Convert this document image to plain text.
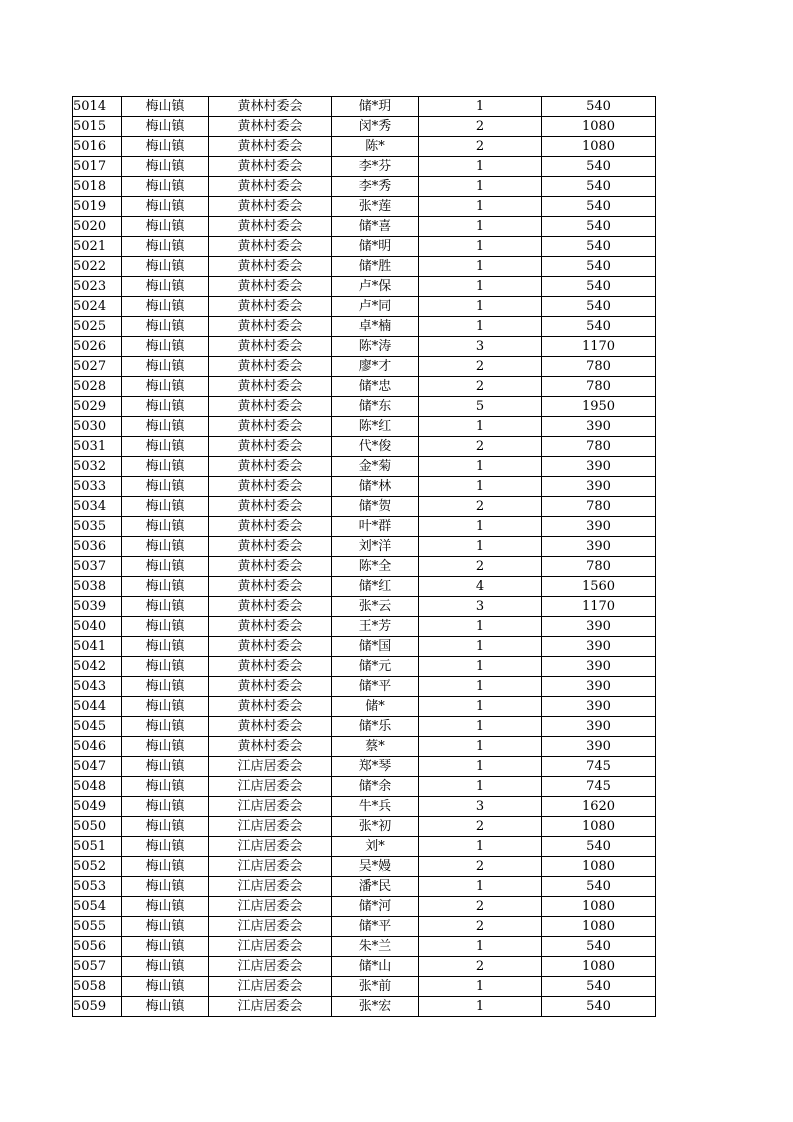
5014	梅山镇	黄林村委会	储*玥	1	540
5015	梅山镇	黄林村委会	闵*秀	2	1080
5016	梅山镇	黄林村委会	陈*	2	1080
5017	梅山镇	黄林村委会	李*芬	1	540
5018	梅山镇	黄林村委会	李*秀	1	540
5019	梅山镇	黄林村委会	张*莲	1	540
5020	梅山镇	黄林村委会	储*喜	1	540
5021	梅山镇	黄林村委会	储*明	1	540
5022	梅山镇	黄林村委会	储*胜	1	540
5023	梅山镇	黄林村委会	卢*保	1	540
5024	梅山镇	黄林村委会	卢*同	1	540
5025	梅山镇	黄林村委会	卓*楠	1	540
5026	梅山镇	黄林村委会	陈*涛	3	1170
5027	梅山镇	黄林村委会	廖*才	2	780
5028	梅山镇	黄林村委会	储*忠	2	780
5029	梅山镇	黄林村委会	储*东	5	1950
5030	梅山镇	黄林村委会	陈*红	1	390
5031	梅山镇	黄林村委会	代*俊	2	780
5032	梅山镇	黄林村委会	金*菊	1	390
5033	梅山镇	黄林村委会	储*林	1	390
5034	梅山镇	黄林村委会	储*贺	2	780
5035	梅山镇	黄林村委会	叶*群	1	390
5036	梅山镇	黄林村委会	刘*洋	1	390
5037	梅山镇	黄林村委会	陈*全	2	780
5038	梅山镇	黄林村委会	储*红	4	1560
5039	梅山镇	黄林村委会	张*云	3	1170
5040	梅山镇	黄林村委会	王*芳	1	390
5041	梅山镇	黄林村委会	储*国	1	390
5042	梅山镇	黄林村委会	储*元	1	390
5043	梅山镇	黄林村委会	储*平	1	390
5044	梅山镇	黄林村委会	储*	1	390
5045	梅山镇	黄林村委会	储*乐	1	390
5046	梅山镇	黄林村委会	蔡*	1	390
5047	梅山镇	江店居委会	郑*琴	1	745
5048	梅山镇	江店居委会	储*余	1	745
5049	梅山镇	江店居委会	牛*兵	3	1620
5050	梅山镇	江店居委会	张*初	2	1080
5051	梅山镇	江店居委会	刘*	1	540
5052	梅山镇	江店居委会	吴*嫚	2	1080
5053	梅山镇	江店居委会	潘*民	1	540
5054	梅山镇	江店居委会	储*河	2	1080
5055	梅山镇	江店居委会	储*平	2	1080
5056	梅山镇	江店居委会	朱*兰	1	540
5057	梅山镇	江店居委会	储*山	2	1080
5058	梅山镇	江店居委会	张*前	1	540
5059	梅山镇	江店居委会	张*宏	1	540
